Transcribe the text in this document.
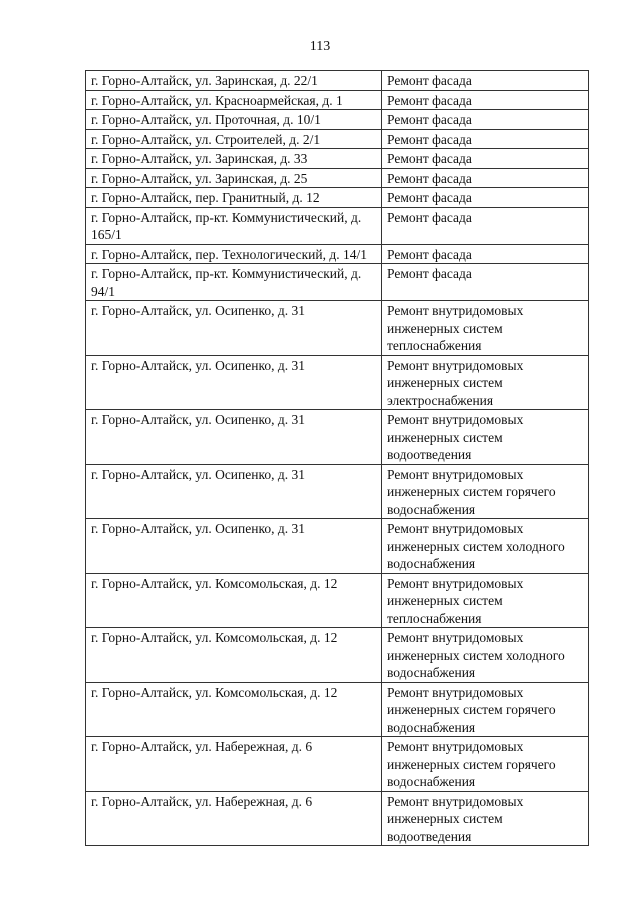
113
г. Горно-Алтайск, ул. Заринская, д. 22/1	Ремонт фасада
г. Горно-Алтайск, ул. Красноармейская, д. 1	Ремонт фасада
г. Горно-Алтайск, ул. Проточная, д. 10/1	Ремонт фасада
г. Горно-Алтайск, ул. Строителей, д. 2/1	Ремонт фасада
г. Горно-Алтайск, ул. Заринская, д. 33	Ремонт фасада
г. Горно-Алтайск, ул. Заринская, д. 25	Ремонт фасада
г. Горно-Алтайск, пер. Гранитный, д. 12	Ремонт фасада
г. Горно-Алтайск, пр-кт. Коммунистический, д. 165/1	Ремонт фасада
г. Горно-Алтайск, пер. Технологический, д. 14/1	Ремонт фасада
г. Горно-Алтайск, пр-кт. Коммунистический, д. 94/1	Ремонт фасада
г. Горно-Алтайск, ул. Осипенко, д. 31	Ремонт внутридомовых инженерных систем теплоснабжения
г. Горно-Алтайск, ул. Осипенко, д. 31	Ремонт внутридомовых инженерных систем электроснабжения
г. Горно-Алтайск, ул. Осипенко, д. 31	Ремонт внутридомовых инженерных систем водоотведения
г. Горно-Алтайск, ул. Осипенко, д. 31	Ремонт внутридомовых инженерных систем горячего водоснабжения
г. Горно-Алтайск, ул. Осипенко, д. 31	Ремонт внутридомовых инженерных систем холодного водоснабжения
г. Горно-Алтайск, ул. Комсомольская, д. 12	Ремонт внутридомовых инженерных систем теплоснабжения
г. Горно-Алтайск, ул. Комсомольская, д. 12	Ремонт внутридомовых инженерных систем холодного водоснабжения
г. Горно-Алтайск, ул. Комсомольская, д. 12	Ремонт внутридомовых инженерных систем горячего водоснабжения
г. Горно-Алтайск, ул. Набережная, д. 6	Ремонт внутридомовых инженерных систем горячего водоснабжения
г. Горно-Алтайск, ул. Набережная, д. 6	Ремонт внутридомовых инженерных систем водоотведения
